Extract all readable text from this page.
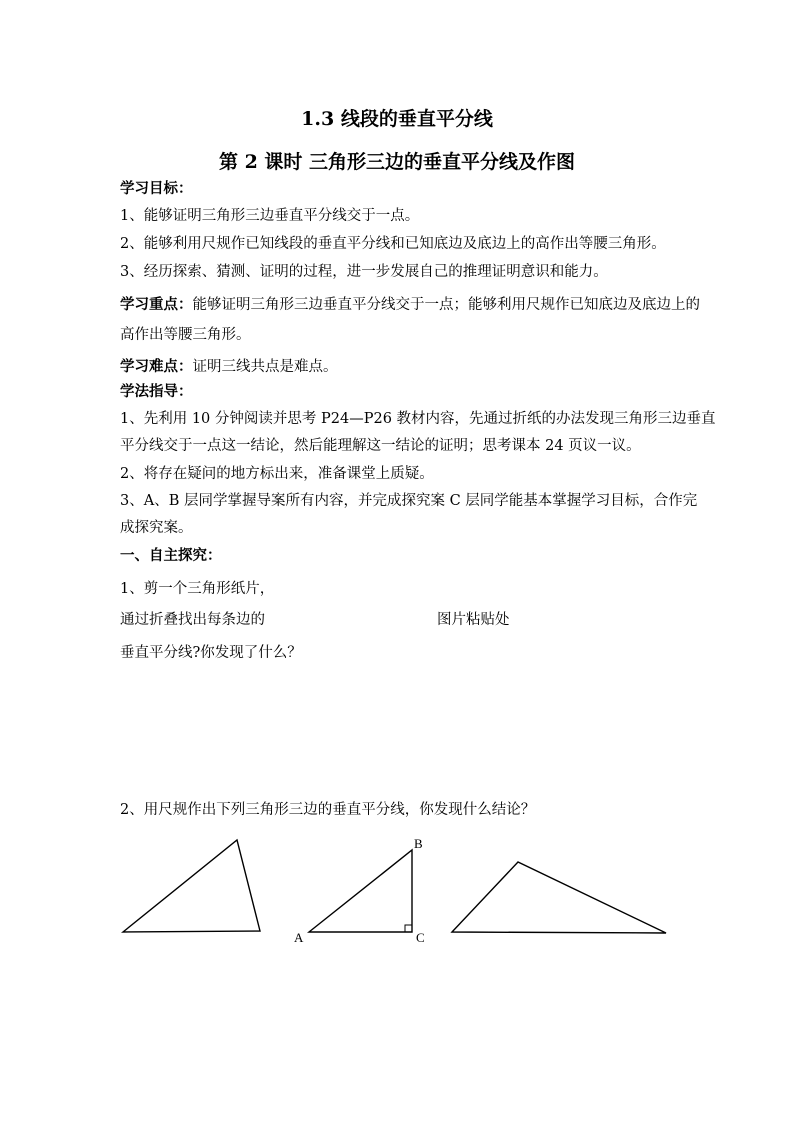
1.3 线段的垂直平分线
第 2 课时 三角形三边的垂直平分线及作图
学习目标：
1、能够证明三角形三边垂直平分线交于一点。
2、能够利用尺规作已知线段的垂直平分线和已知底边及底边上的高作出等腰三角形。
3、经历探索、猜测、证明的过程，进一步发展自己的推理证明意识和能力。
学习重点：能够证明三角形三边垂直平分线交于一点；能够利用尺规作已知底边及底边上的
高作出等腰三角形。
学习难点：证明三线共点是难点。
学法指导：
1、先利用 10 分钟阅读并思考 P24—P26 教材内容，先通过折纸的办法发现三角形三边垂直
平分线交于一点这一结论，然后能理解这一结论的证明；思考课本 24 页议一议。
2、将存在疑问的地方标出来，准备课堂上质疑。
3、A、B 层同学掌握导案所有内容，并完成探究案 C 层同学能基本掌握学习目标，合作完
成探究案。
一、自主探究：
1、剪一个三角形纸片，
通过折叠找出每条边的	图片粘贴处
垂直平分线?你发现了什么？
2、用尺规作出下列三角形三边的垂直平分线，你发现什么结论？
A
B
C
